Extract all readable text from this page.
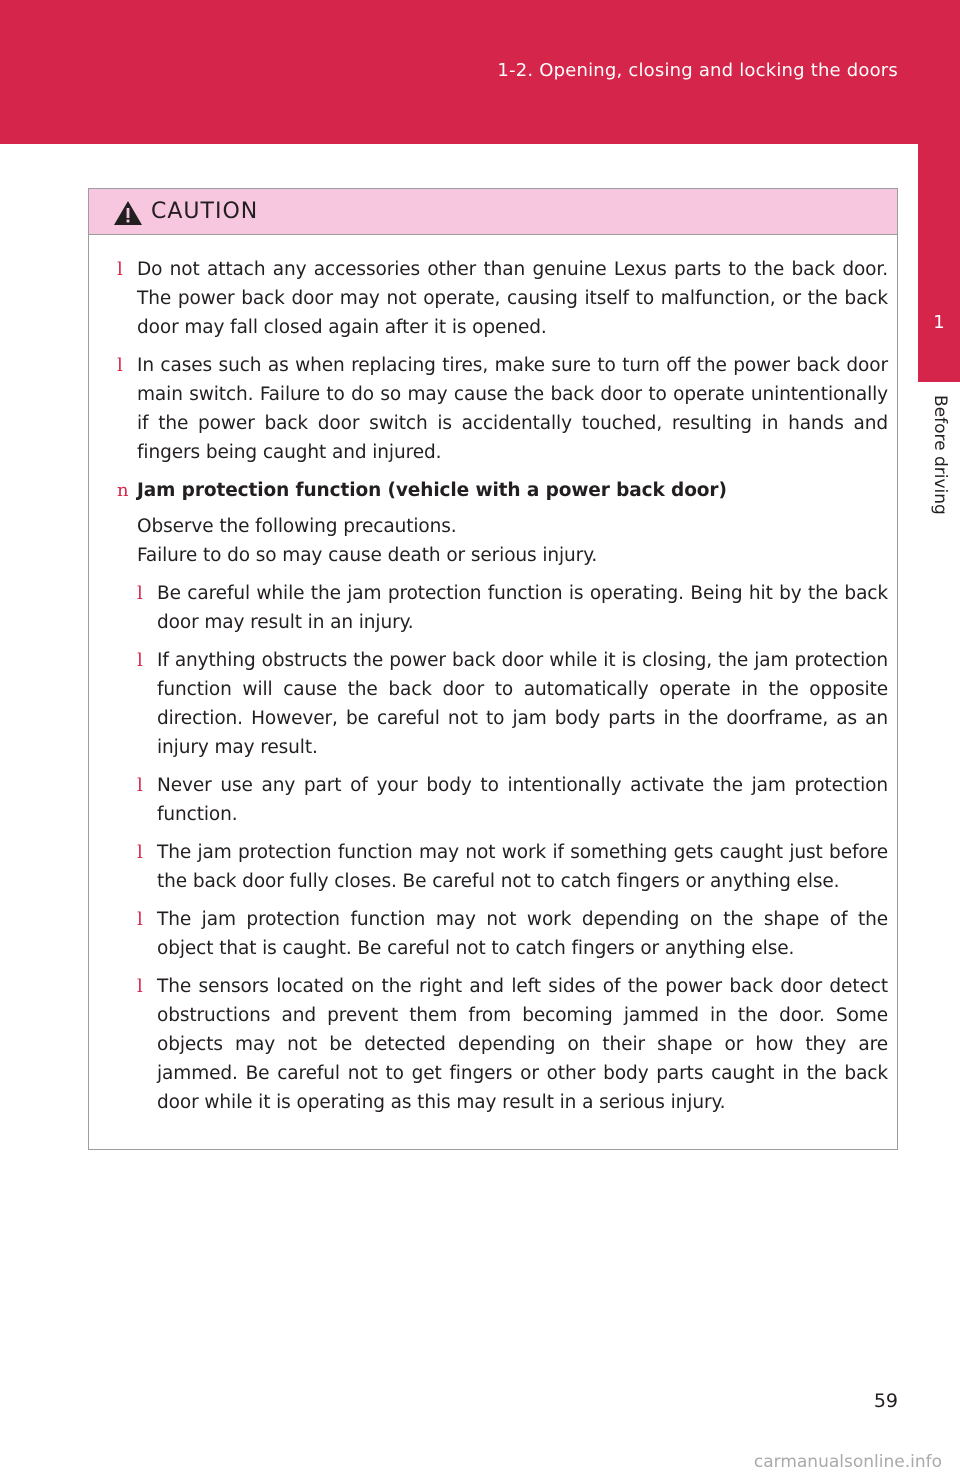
1-2. Opening, closing and locking the doors
1
Before driving
CAUTION
l Do not attach any accessories other than genuine Lexus parts to the back door. The power back door may not operate, causing itself to malfunction, or the back door may fall closed again after it is opened.
l In cases such as when replacing tires, make sure to turn off the power back door main switch. Failure to do so may cause the back door to operate unintentionally if the power back door switch is accidentally touched, resulting in hands and fingers being caught and injured.
n Jam protection function (vehicle with a power back door)
Observe the following precautions.
Failure to do so may cause death or serious injury.
l Be careful while the jam protection function is operating. Being hit by the back door may result in an injury.
l If anything obstructs the power back door while it is closing, the jam protection function will cause the back door to automatically operate in the opposite direction. However, be careful not to jam body parts in the doorframe, as an injury may result.
l Never use any part of your body to intentionally activate the jam protection function.
l The jam protection function may not work if something gets caught just before the back door fully closes. Be careful not to catch fingers or anything else.
l The jam protection function may not work depending on the shape of the object that is caught. Be careful not to catch fingers or anything else.
l The sensors located on the right and left sides of the power back door detect obstructions and prevent them from becoming jammed in the door. Some objects may not be detected depending on their shape or how they are jammed. Be careful not to get fingers or other body parts caught in the back door while it is operating as this may result in a serious injury.
59
carmanualsonline.info
